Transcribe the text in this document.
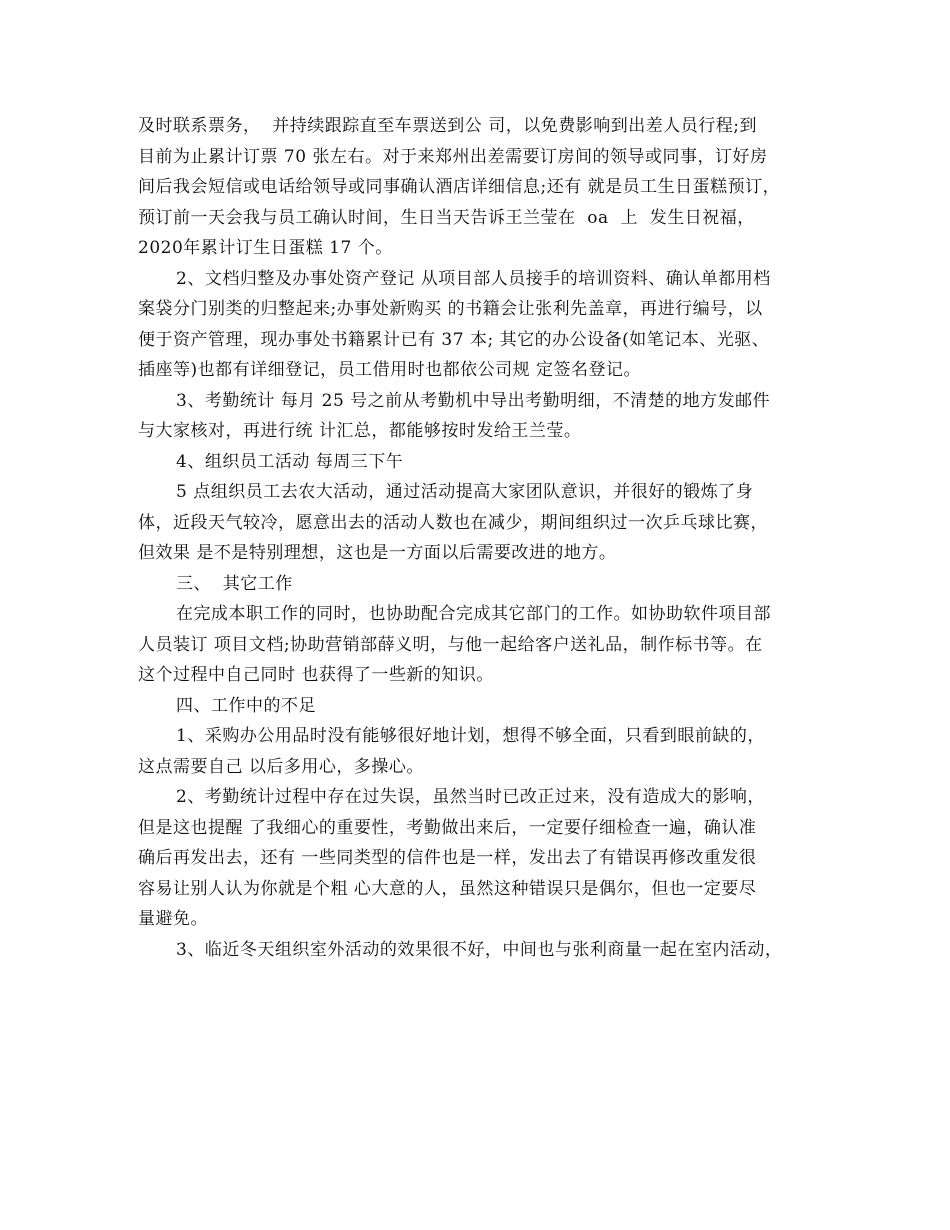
及时联系票务，  并持续跟踪直至车票送到公 司，以免费影响到出差人员行程;到
目前为止累计订票 70 张左右。对于来郑州出差需要订房间的领导或同事，订好房
间后我会短信或电话给领导或同事确认酒店详细信息;还有 就是员工生日蛋糕预订，
预订前一天会我与员工确认时间，生日当天告诉王兰莹在  oa  上  发生日祝福，
2020年累计订生日蛋糕 17 个。
2、文档归整及办事处资产登记 从项目部人员接手的培训资料、确认单都用档
案袋分门别类的归整起来;办事处新购买 的书籍会让张利先盖章，再进行编号，以
便于资产管理，现办事处书籍累计已有 37 本; 其它的办公设备(如笔记本、光驱、
插座等)也都有详细登记，员工借用时也都依公司规 定签名登记。
3、考勤统计 每月 25 号之前从考勤机中导出考勤明细，不清楚的地方发邮件
与大家核对，再进行统 计汇总，都能够按时发给王兰莹。
4、组织员工活动 每周三下午
5 点组织员工去农大活动，通过活动提高大家团队意识，并很好的锻炼了身
体，近段天气较冷，愿意出去的活动人数也在减少，期间组织过一次乒乓球比赛，
但效果 是不是特别理想，这也是一方面以后需要改进的地方。
三、  其它工作
在完成本职工作的同时，也协助配合完成其它部门的工作。如协助软件项目部
人员装订 项目文档;协助营销部薛义明，与他一起给客户送礼品，制作标书等。在
这个过程中自己同时 也获得了一些新的知识。
四、工作中的不足
1、采购办公用品时没有能够很好地计划，想得不够全面，只看到眼前缺的，
这点需要自己 以后多用心，多操心。
2、考勤统计过程中存在过失误，虽然当时已改正过来，没有造成大的影响，
但是这也提醒 了我细心的重要性，考勤做出来后，一定要仔细检查一遍，确认准
确后再发出去，还有 一些同类型的信件也是一样，发出去了有错误再修改重发很
容易让别人认为你就是个粗 心大意的人，虽然这种错误只是偶尔，但也一定要尽
量避免。
3、临近冬天组织室外活动的效果很不好，中间也与张利商量一起在室内活动，
